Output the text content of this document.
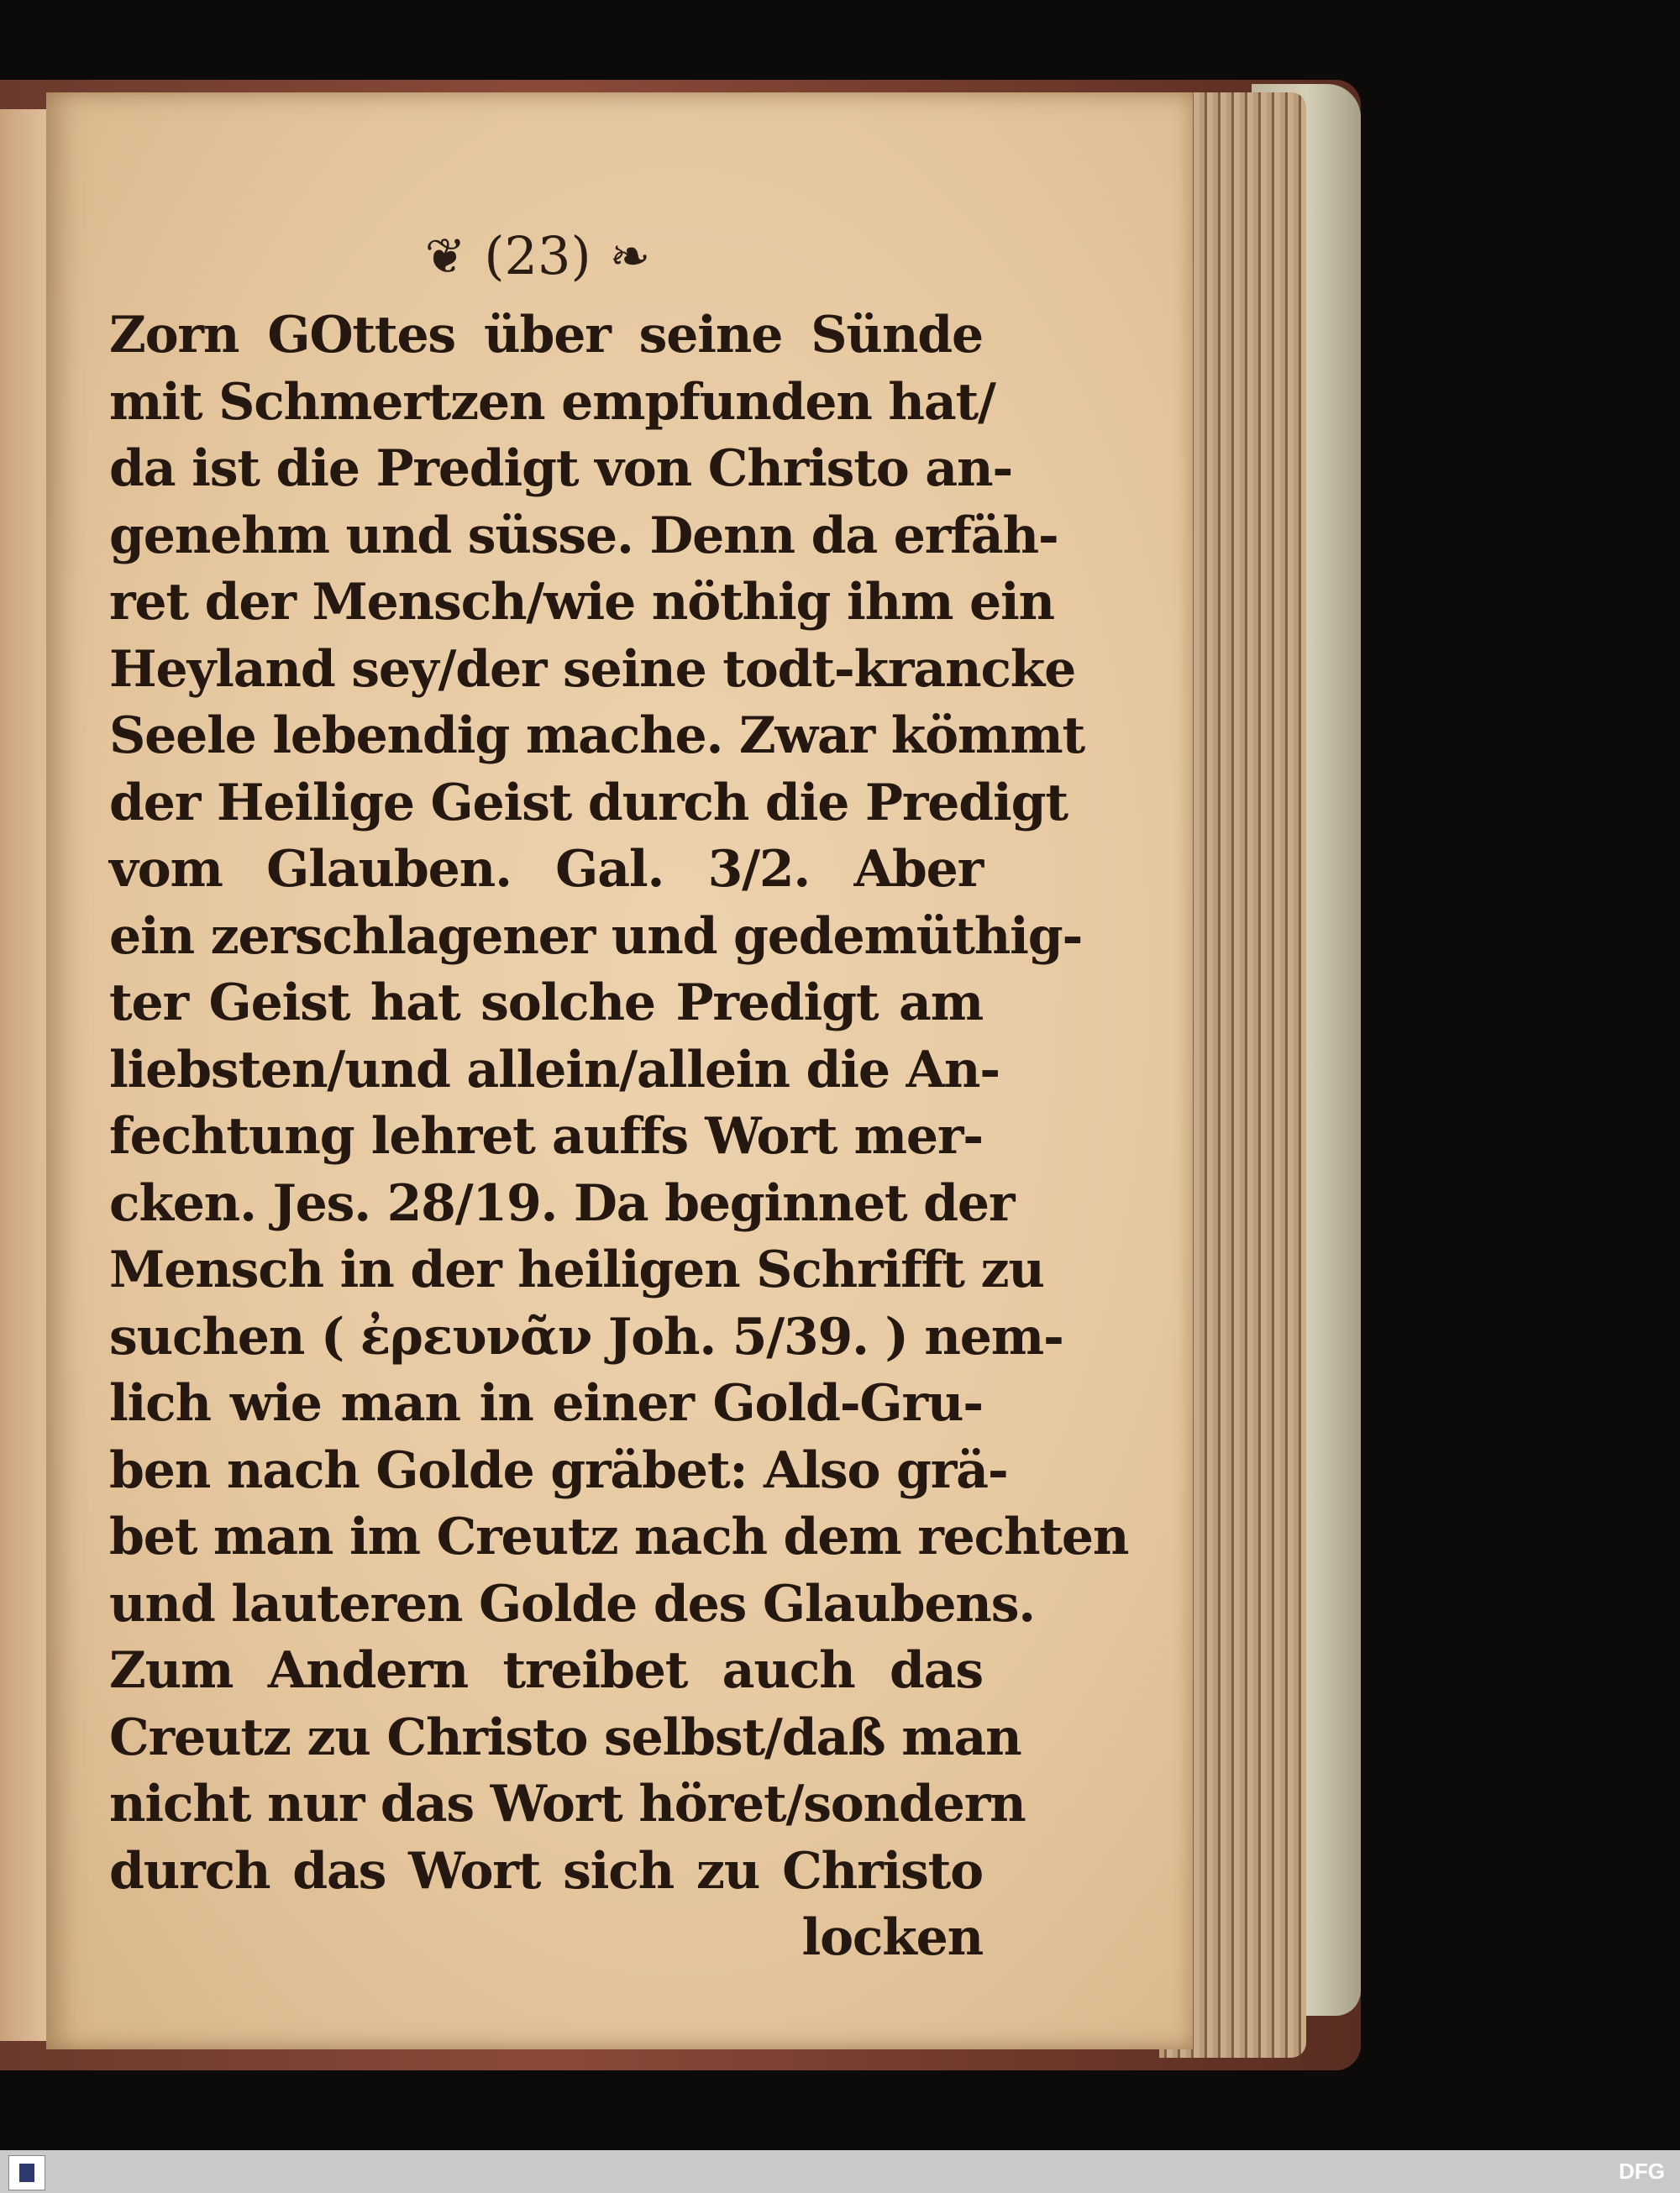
❦ (23) ❧
Zorn GOttes über seine Sünde
mit Schmertzen empfunden hat/
da ist die Predigt von Christo an-
genehm und süsse. Denn da erfäh-
ret der Mensch/wie nöthig ihm ein
Heyland sey/der seine todt-krancke
Seele lebendig mache. Zwar kömmt
der Heilige Geist durch die Predigt
vom Glauben. Gal. 3/2. Aber
ein zerschlagener und gedemüthig-
ter Geist hat solche Predigt am
liebsten/und allein/allein die An-
fechtung lehret auffs Wort mer-
cken. Jes. 28/19. Da beginnet der
Mensch in der heiligen Schrifft zu
suchen ( ἐρευνᾶν Joh. 5/39. ) nem-
lich wie man in einer Gold-Gru-
ben nach Golde gräbet: Also grä-
bet man im Creutz nach dem rechten
und lauteren Golde des Glaubens.
Zum Andern treibet auch das
Creutz zu Christo selbst/daß man
nicht nur das Wort höret/sondern
durch das Wort sich zu Christo
locken
DFG
